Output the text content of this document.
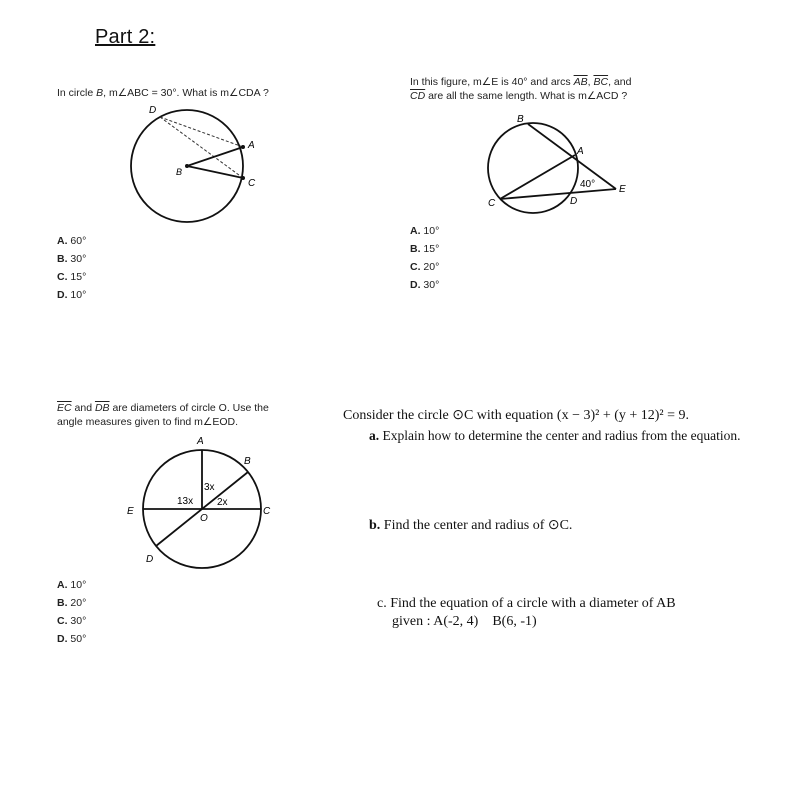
Part 2:
In circle B, m∠ABC = 30°. What is m∠CDA ?
D
A
B
C
A. 60°
B. 30°
C. 15°
D. 10°
In this figure, m∠E is 40° and arcs $\overline{AB}$, $\overline{BC}$, and
$\overline{CD}$ are all the same length. What is m∠ACD ?
B
A
C	D
E
40°
A. 10°
B. 15°
C. 20°
D. 30°
$\overline{EC}$ and $\overline{DB}$ are diameters of circle O. Use the
angle measures given to find m∠EOD.
A
B
C
E
D
O
3x
13x 2x
A. 10°
B. 20°
C. 30°
D. 50°
Consider the circle ⊙C with equation (x − 3)² + (y + 12)² = 9.
a. Explain how to determine the center and radius from the equation.
b. Find the center and radius of ⊙C.
c. Find the equation of a circle with a diameter of AB
given : A(-2, 4)    B(6, -1)
